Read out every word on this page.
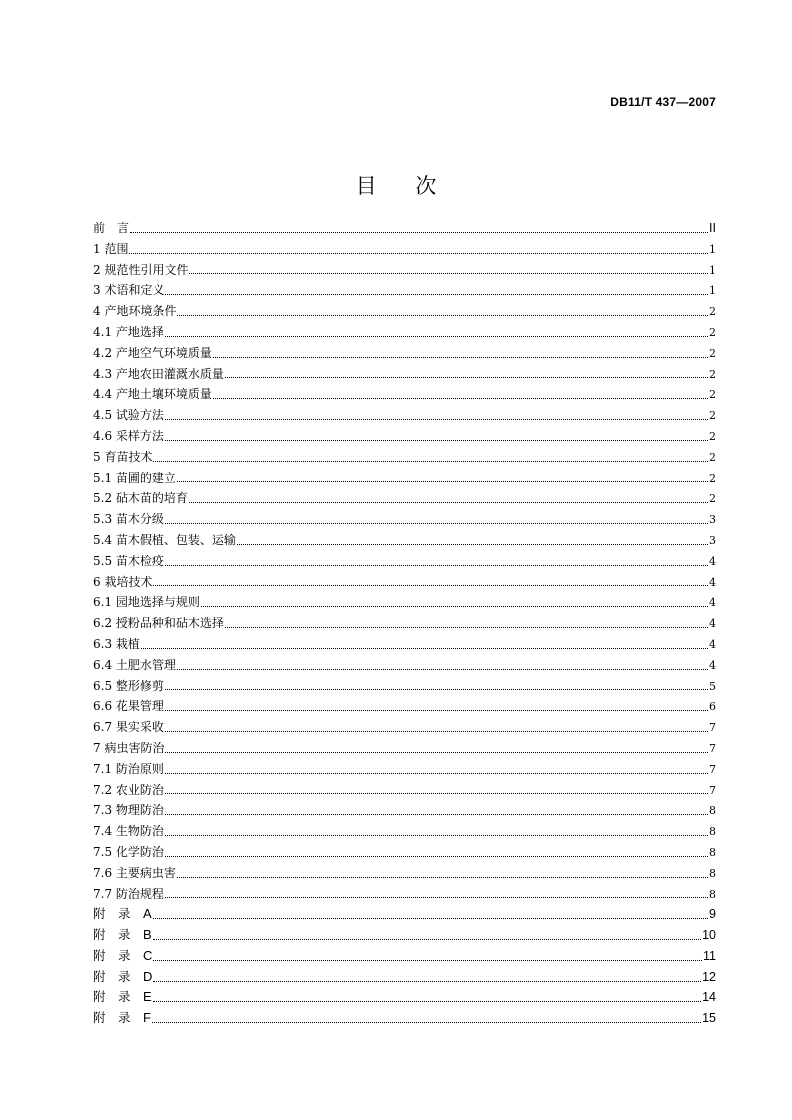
DB11/T 437—2007
目 次
前　言	II
1 范围	1
2 规范性引用文件	1
3 术语和定义	1
4 产地环境条件	2
4.1 产地选择	2
4.2 产地空气环境质量	2
4.3 产地农田灌溉水质量	2
4.4 产地土壤环境质量	2
4.5 试验方法	2
4.6 采样方法	2
5 育苗技术	2
5.1 苗圃的建立	2
5.2 砧木苗的培育	2
5.3 苗木分级	3
5.4 苗木假植、包装、运输	3
5.5 苗木检疫	4
6 栽培技术	4
6.1 园地选择与规则	4
6.2 授粉品种和砧木选择	4
6.3 栽植	4
6.4 土肥水管理	4
6.5 整形修剪	5
6.6 花果管理	6
6.7 果实采收	7
7 病虫害防治	7
7.1 防治原则	7
7.2 农业防治	7
7.3 物理防治	8
7.4 生物防治	8
7.5 化学防治	8
7.6 主要病虫害	8
7.7 防治规程	8
附　录　 A	9
附　录　 B	10
附　录　 C	11
附　录　 D	12
附　录　 E	14
附　录　 F	15
